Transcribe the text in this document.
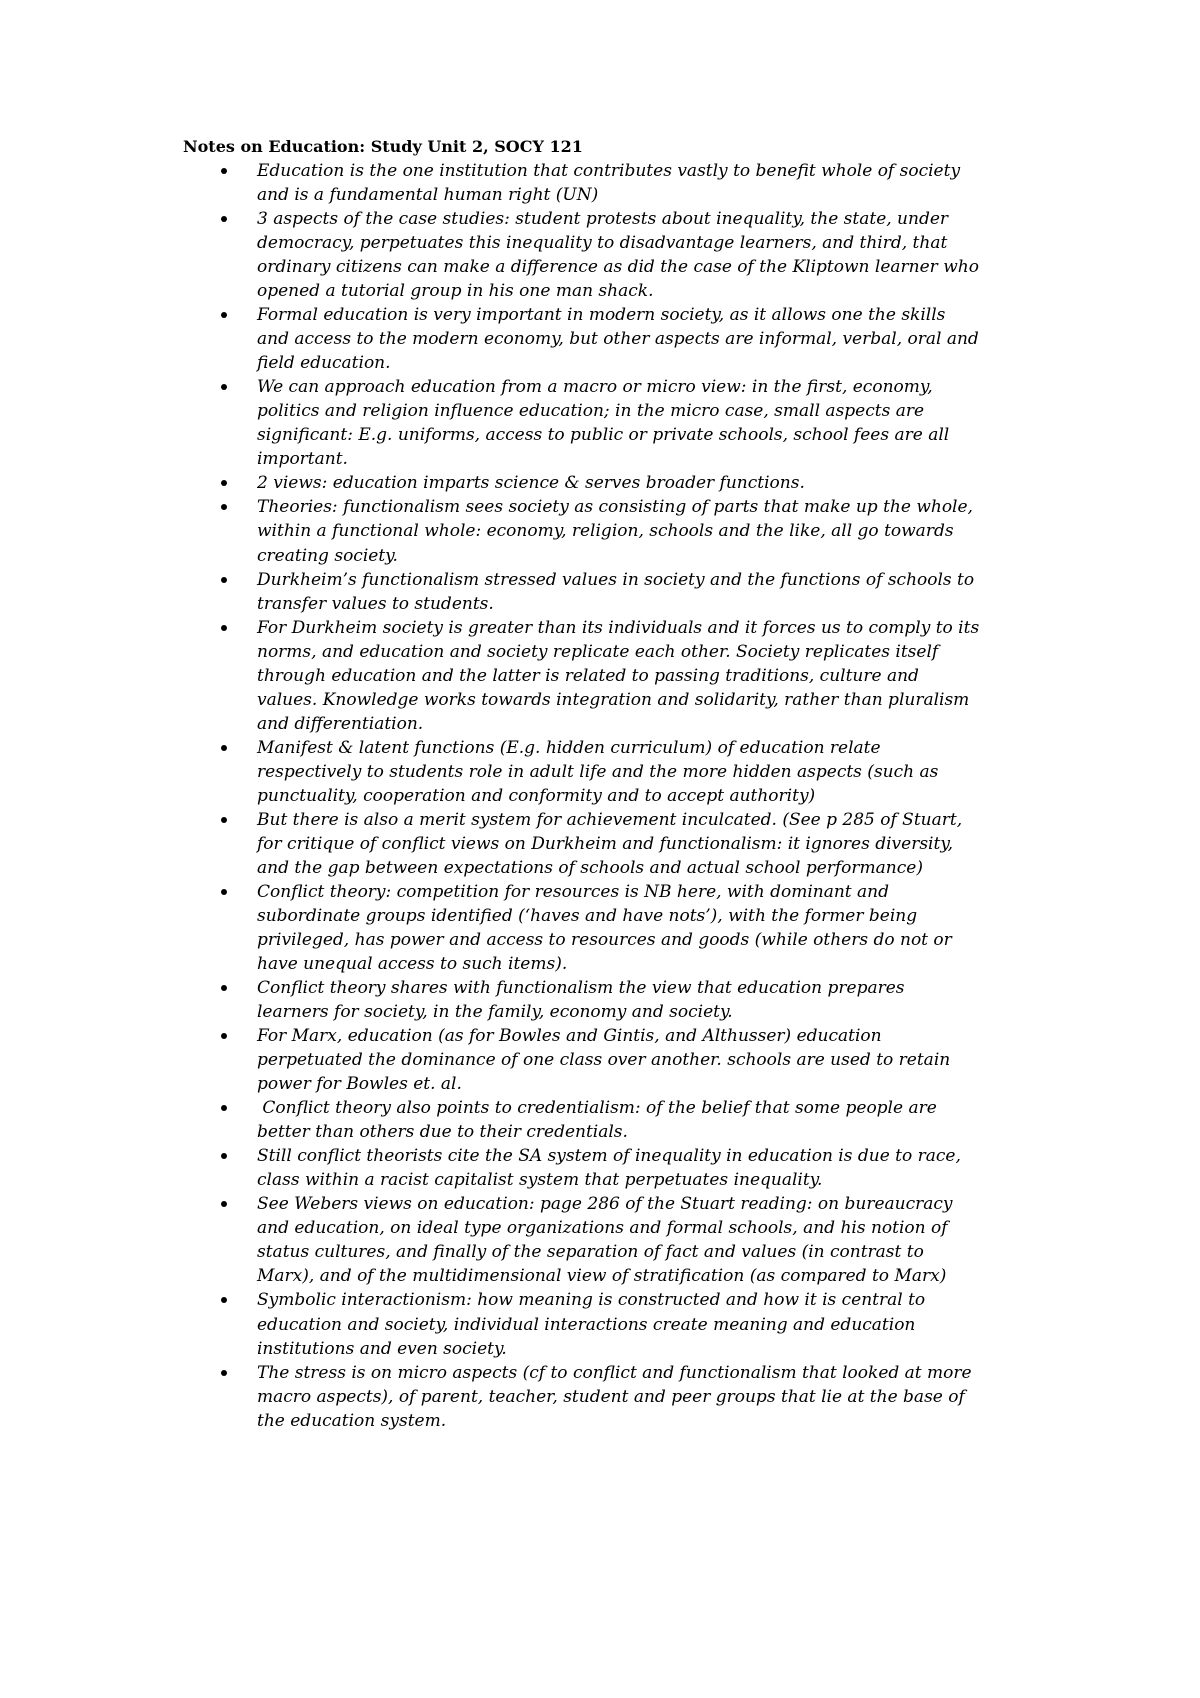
Notes on Education: Study Unit 2, SOCY 121
Education is the one institution that contributes vastly to benefit whole of society
and is a fundamental human right (UN)
3 aspects of the case studies: student protests about inequality, the state, under
democracy, perpetuates this inequality to disadvantage learners, and third, that
ordinary citizens can make a difference as did the case of the Kliptown learner who
opened a tutorial group in his one man shack.
Formal education is very important in modern society, as it allows one the skills
and access to the modern economy, but other aspects are informal, verbal, oral and
field education.
We can approach education from a macro or micro view: in the first, economy,
politics and religion influence education; in the micro case, small aspects are
significant: E.g. uniforms, access to public or private schools, school fees are all
important.
2 views: education imparts science & serves broader functions.
Theories: functionalism sees society as consisting of parts that make up the whole,
within a functional whole: economy, religion, schools and the like, all go towards
creating society.
Durkheim’s functionalism stressed values in society and the functions of schools to
transfer values to students.
For Durkheim society is greater than its individuals and it forces us to comply to its
norms, and education and society replicate each other. Society replicates itself
through education and the latter is related to passing traditions, culture and
values. Knowledge works towards integration and solidarity, rather than pluralism
and differentiation.
Manifest & latent functions (E.g. hidden curriculum) of education relate
respectively to students role in adult life and the more hidden aspects (such as
punctuality, cooperation and conformity and to accept authority)
But there is also a merit system for achievement inculcated. (See p 285 of Stuart,
for critique of conflict views on Durkheim and functionalism: it ignores diversity,
and the gap between expectations of schools and actual school performance)
Conflict theory: competition for resources is NB here, with dominant and
subordinate groups identified (‘haves and have nots’), with the former being
privileged, has power and access to resources and goods (while others do not or
have unequal access to such items).
Conflict theory shares with functionalism the view that education prepares
learners for society, in the family, economy and society.
For Marx, education (as for Bowles and Gintis, and Althusser) education
perpetuated the dominance of one class over another. schools are used to retain
power for Bowles et. al.
Conflict theory also points to credentialism: of the belief that some people are
better than others due to their credentials.
Still conflict theorists cite the SA system of inequality in education is due to race,
class within a racist capitalist system that perpetuates inequality.
See Webers views on education: page 286 of the Stuart reading: on bureaucracy
and education, on ideal type organizations and formal schools, and his notion of
status cultures, and finally of the separation of fact and values (in contrast to
Marx), and of the multidimensional view of stratification (as compared to Marx)
Symbolic interactionism: how meaning is constructed and how it is central to
education and society, individual interactions create meaning and education
institutions and even society.
The stress is on micro aspects (cf to conflict and functionalism that looked at more
macro aspects), of parent, teacher, student and peer groups that lie at the base of
the education system.
